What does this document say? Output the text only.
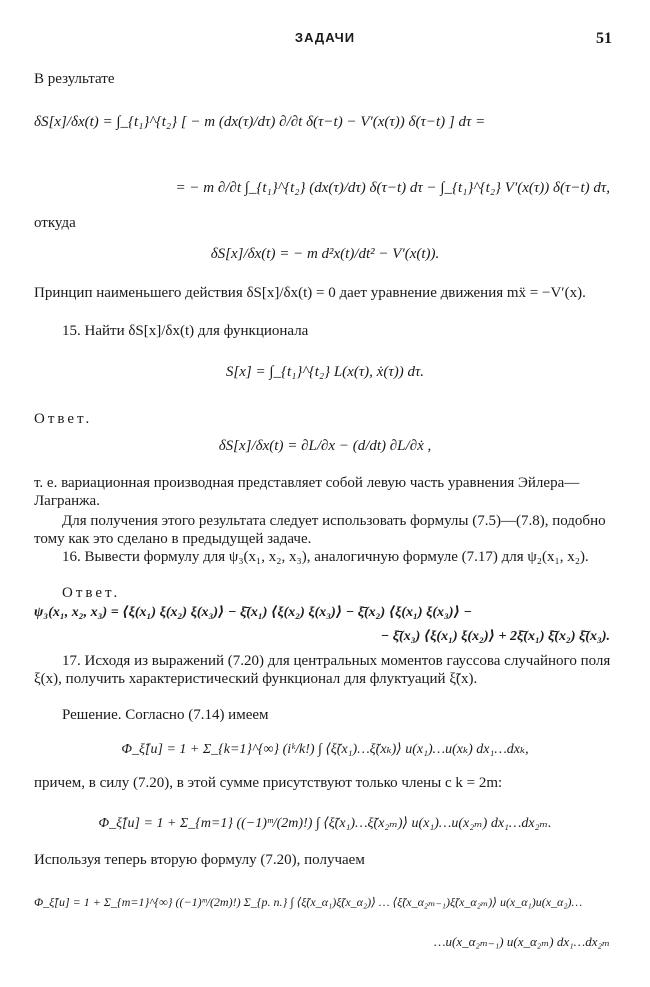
ЗАДАЧИ	51
В результате
δS[x]/δx(t) = ∫_{t₁}^{t₂} [ − m (dx(τ)/dτ) ∂/∂t δ(τ−t) − V′(x(τ)) δ(τ−t) ] dτ =
= − m ∂/∂t ∫_{t₁}^{t₂} (dx(τ)/dτ) δ(τ−t) dτ − ∫_{t₁}^{t₂} V′(x(τ)) δ(τ−t) dτ,
откуда
δS[x]/δx(t) = − m d²x(t)/dt² − V′(x(t)).
Принцип наименьшего действия δS[x]/δx(t) = 0 дает уравнение движения mẍ = −V′(x).
15. Найти δS[x]/δx(t) для функционала
S[x] = ∫_{t₁}^{t₂} L(x(τ), ẋ(τ)) dτ.
Ответ.
δS[x]/δx(t) = ∂L/∂x − (d/dt) ∂L/∂ẋ ,
т. е. вариационная производная представляет собой левую часть уравнения Эйлера—Лагранжа.
Для получения этого результата следует использовать формулы (7.5)—(7.8), подобно тому как это сделано в предыдущей задаче.
16. Вывести формулу для ψ₃(x₁, x₂, x₃), аналогичную формуле (7.17) для ψ₂(x₁, x₂).
Ответ.
ψ₃(x₁, x₂, x₃) = ⟨ξ(x₁) ξ(x₂) ξ(x₃)⟩ − ξ̄(x₁) ⟨ξ(x₂) ξ(x₃)⟩ − ξ̄(x₂) ⟨ξ(x₁) ξ(x₃)⟩ −
− ξ̄(x₃) ⟨ξ(x₁) ξ(x₂)⟩ + 2ξ̄(x₁) ξ̄(x₂) ξ̄(x₃).
17. Исходя из выражений (7.20) для центральных моментов гауссова случайного поля ξ(x), получить характеристический функционал для флуктуаций ξ̃(x).
Решение. Согласно (7.14) имеем
Φ_ξ̃[u] = 1 + Σ_{k=1}^{∞} (iᵏ/k!) ∫ ⟨ξ̃(x₁)…ξ̃(xₖ)⟩ u(x₁)…u(xₖ) dx₁…dxₖ,
причем, в силу (7.20), в этой сумме присутствуют только члены с k = 2m:
Φ_ξ̃[u] = 1 + Σ_{m=1} ((−1)ᵐ/(2m)!) ∫ ⟨ξ̃(x₁)…ξ̃(x₂ₘ)⟩ u(x₁)…u(x₂ₘ) dx₁…dx₂ₘ.
Используя теперь вторую формулу (7.20), получаем
Φ_ξ̃[u] = 1 + Σ_{m=1}^{∞} ((−1)ᵐ/(2m)!) Σ_{р. п.} ∫ ⟨ξ̃(x_α₁)ξ̃(x_α₂)⟩ … ⟨ξ̃(x_α₂ₘ₋₁)ξ̃(x_α₂ₘ)⟩ u(x_α₁)u(x_α₂)…
…u(x_α₂ₘ₋₁) u(x_α₂ₘ) dx₁…dx₂ₘ
